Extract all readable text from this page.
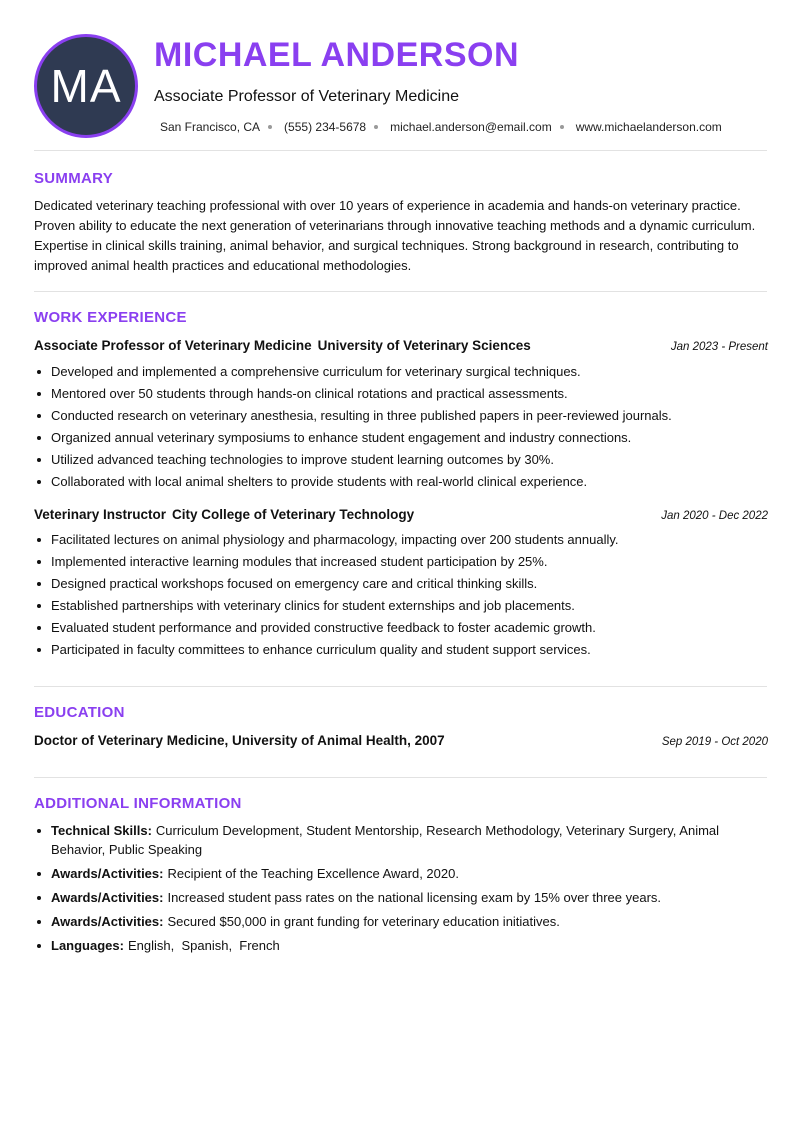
MA
MICHAEL ANDERSON
Associate Professor of Veterinary Medicine
San Francisco, CA (555) 234-5678 michael.anderson@email.com www.michaelanderson.com
SUMMARY

Dedicated veterinary teaching professional with over 10 years of experience in academia and hands-on veterinary practice. Proven ability to educate the next generation of veterinarians through innovative teaching methods and a dynamic curriculum. Expertise in clinical skills training, animal behavior, and surgical techniques. Strong background in research, contributing to improved animal health practices and educational methodologies.

WORK EXPERIENCE
Associate Professor of Veterinary Medicine University of Veterinary Sciences	Jan 2023 - Present
Developed and implemented a comprehensive curriculum for veterinary surgical techniques.
Mentored over 50 students through hands-on clinical rotations and practical assessments.
Conducted research on veterinary anesthesia, resulting in three published papers in peer-reviewed journals.
Organized annual veterinary symposiums to enhance student engagement and industry connections.
Utilized advanced teaching technologies to improve student learning outcomes by 30%.
Collaborated with local animal shelters to provide students with real-world clinical experience.
Veterinary Instructor City College of Veterinary Technology	Jan 2020 - Dec 2022
Facilitated lectures on animal physiology and pharmacology, impacting over 200 students annually.
Implemented interactive learning modules that increased student participation by 25%.
Designed practical workshops focused on emergency care and critical thinking skills.
Established partnerships with veterinary clinics for student externships and job placements.
Evaluated student performance and provided constructive feedback to foster academic growth.
Participated in faculty committees to enhance curriculum quality and student support services.
EDUCATION
Doctor of Veterinary Medicine, University of Animal Health, 2007	Sep 2019 - Oct 2020
ADDITIONAL INFORMATION
Technical Skills: Curriculum Development, Student Mentorship, Research Methodology, Veterinary Surgery, Animal Behavior, Public Speaking
Awards/Activities: Recipient of the Teaching Excellence Award, 2020.
Awards/Activities: Increased student pass rates on the national licensing exam by 15% over three years.
Awards/Activities: Secured $50,000 in grant funding for veterinary education initiatives.
Languages: English , Spanish , French
